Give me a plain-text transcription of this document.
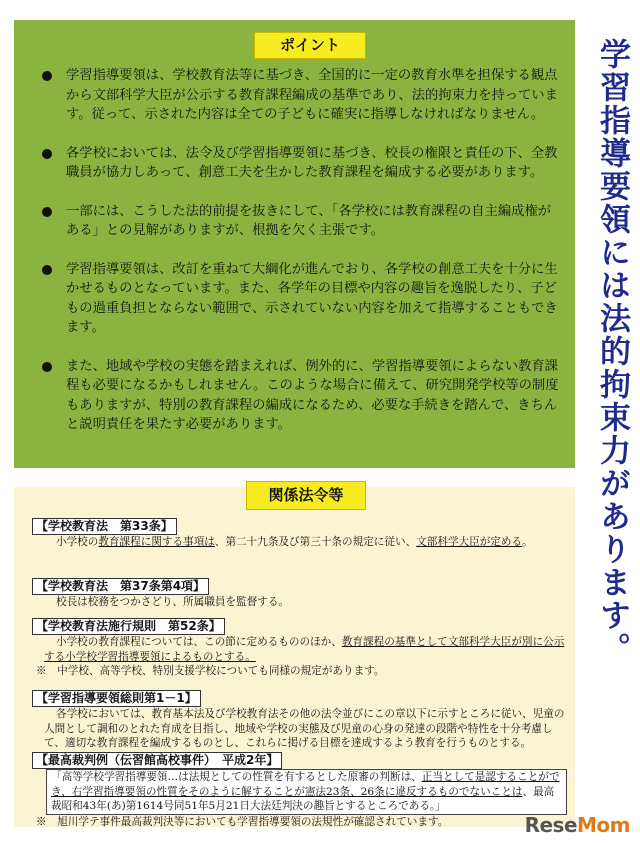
ポイント
学習指導要領は、学校教育法等に基づき、全国的に一定の教育水準を担保する観点から文部科学大臣が公示する教育課程編成の基準であり、法的拘束力を持っています。従って、示された内容は全ての子どもに確実に指導しなければなりません。
各学校においては、法令及び学習指導要領に基づき、校長の権限と責任の下、全教職員が協力しあって、創意工夫を生かした教育課程を編成する必要があります。
一部には、こうした法的前提を抜きにして、「各学校には教育課程の自主編成権がある」との見解がありますが、根拠を欠く主張です。
学習指導要領は、改訂を重ねて大綱化が進んでおり、各学校の創意工夫を十分に生かせるものとなっています。また、各学年の目標や内容の趣旨を逸脱したり、子どもの過重負担とならない範囲で、示されていない内容を加えて指導することもできます。
また、地域や学校の実態を踏まえれば、例外的に、学習指導要領によらない教育課程も必要になるかもしれません。このような場合に備えて、研究開発学校等の制度もありますが、特別の教育課程の編成になるため、必要な手続きを踏んで、きちんと説明責任を果たす必要があります。	学習指導要領には法的拘束力があります。
関係法令等
【学校教育法　第33条】

小学校の教育課程に関する事項は、第二十九条及び第三十条の規定に従い、文部科学大臣が定める。

【学校教育法　第37条第4項】

校長は校務をつかさどり、所属職員を監督する。

【学校教育法施行規則　第52条】

小学校の教育課程については、この節に定めるもののほか、教育課程の基準として文部科学大臣が別に公示する小学校学習指導要領によるものとする。

※　中学校、高等学校、特別支援学校についても同様の規定があります。

【学習指導要領総則第1－1】

各学校においては、教育基本法及び学校教育法その他の法令並びにこの章以下に示すところに従い、児童の人間として調和のとれた育成を目指し、地域や学校の実態及び児童の心身の発達の段階や特性を十分考慮して、適切な教育課程を編成するものとし、これらに掲げる目標を達成するよう教育を行うものとする。

【最高裁判例（伝習館高校事件）　平成2年】
「高等学校学習指導要領…は法規としての性質を有するとした原審の判断は、正当として是認することができ、右学習指導要領の性質をそのように解することが憲法23条、26条に違反するものでないことは、最高裁昭和43年(あ)第1614号同51年5月21日大法廷判決の趣旨とするところである。」

※　旭川学テ事件最高裁判決等においても学習指導要領の法規性が確認されています。	ReseMom
